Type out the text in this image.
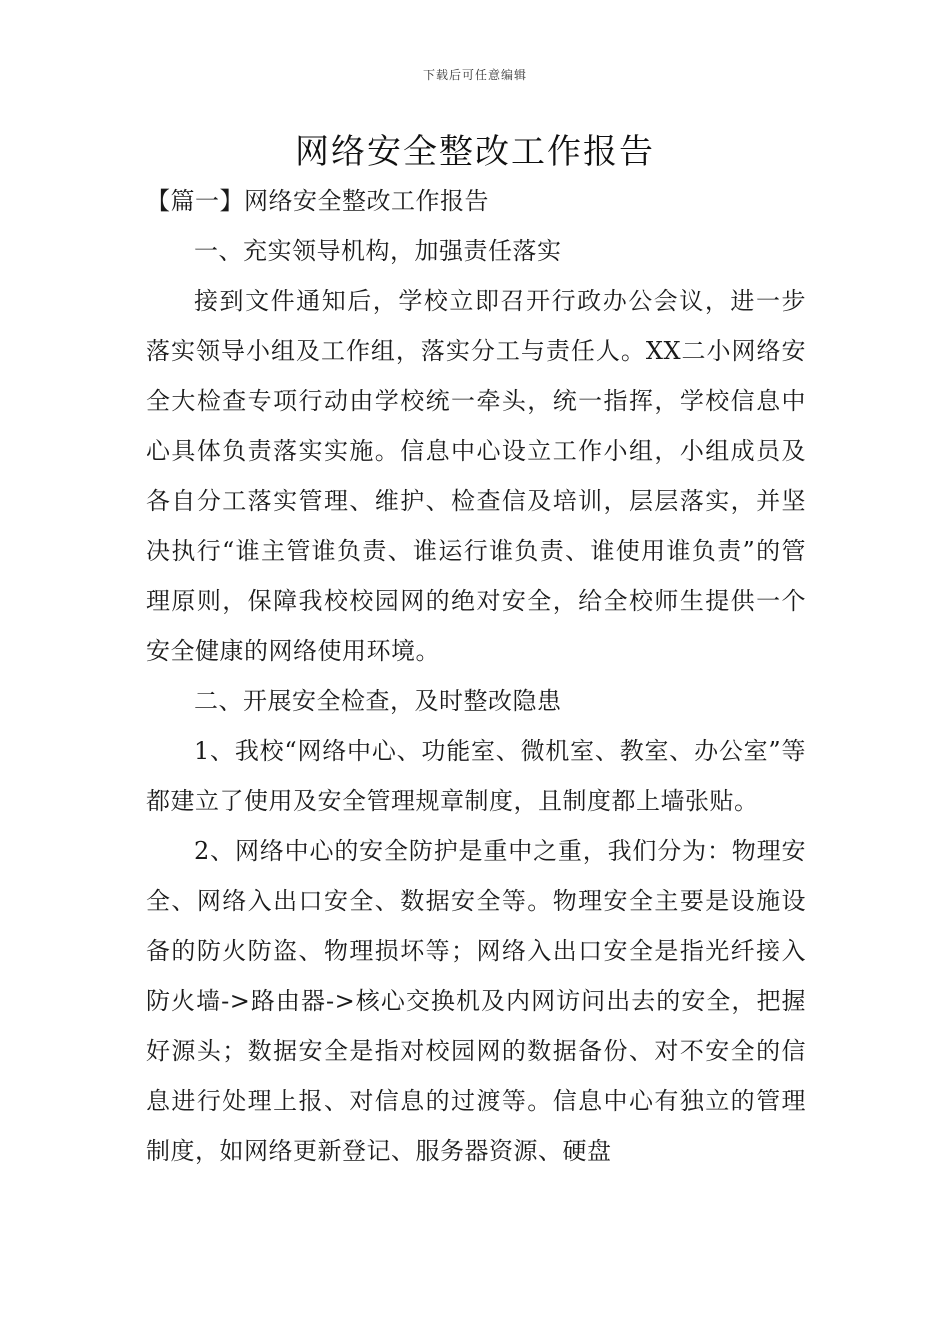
下载后可任意编辑
网络安全整改工作报告

【篇一】网络安全整改工作报告

一、充实领导机构，加强责任落实

接到文件通知后，学校立即召开行政办公会议，进一步落实领导小组及工作组，落实分工与责任人。XX二小网络安全大检查专项行动由学校统一牵头，统一指挥，学校信息中心具体负责落实实施。信息中心设立工作小组，小组成员及各自分工落实管理、维护、检查信及培训，层层落实，并坚决执行“谁主管谁负责、谁运行谁负责、谁使用谁负责”的管理原则，保障我校校园网的绝对安全，给全校师生提供一个安全健康的网络使用环境。

二、开展安全检查，及时整改隐患

1、我校“网络中心、功能室、微机室、教室、办公室”等都建立了使用及安全管理规章制度，且制度都上墙张贴。

2、网络中心的安全防护是重中之重，我们分为：物理安全、网络入出口安全、数据安全等。物理安全主要是设施设备的防火防盗、物理损坏等；网络入出口安全是指光纤接入防火墙->路由器->核心交换机及内网访问出去的安全，把握好源头；数据安全是指对校园网的数据备份、对不安全的信息进行处理上报、对信息的过渡等。信息中心有独立的管理制度，如网络更新登记、服务器资源、硬盘
